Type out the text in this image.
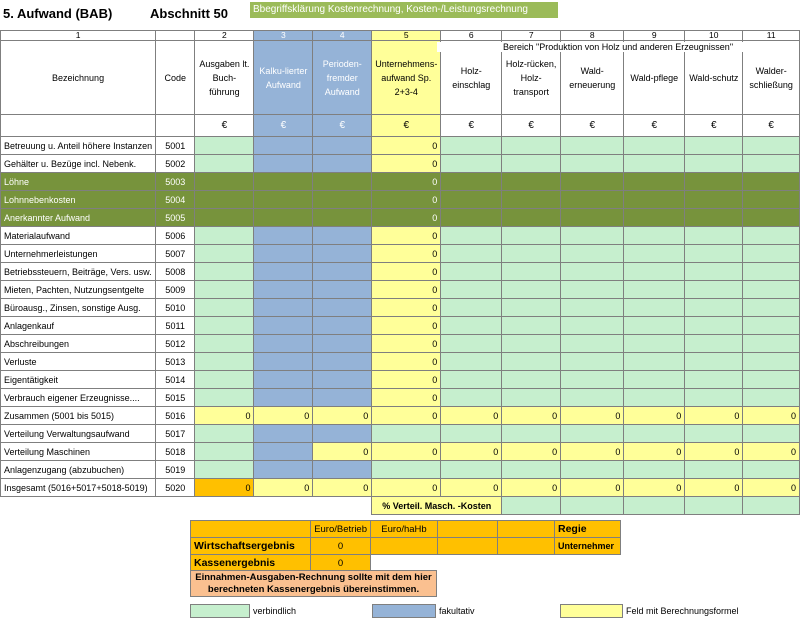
5. Aufwand (BAB)	Abschnitt 50	Bbegriffsklärung Kostenrechnung, Kosten-/Leistungsrechnung
1		2	3	4	5	6	7	8	9	10	11
Bezeichnung	Code	Ausgaben lt. Buch-führung	Kalku-lierter Aufwand	Perioden-fremder Aufwand	Unternehmens-aufwand Sp. 2+3-4	Holz-einschlag	Holz-rücken, Holz-transport	Wald-erneuerung	Wald-pflege	Wald-schutz	Walder-schließung
		€	€	€	€	€	€	€	€	€	€
Betreuung u. Anteil höhere Instanzen	5001				0						
Gehälter u. Bezüge incl. Nebenk.	5002				0						
Löhne	5003				0						
Lohnnebenkosten	5004				0						
Anerkannter Aufwand	5005				0						
Materialaufwand	5006				0						
Unternehmerleistungen	5007				0						
Betriebssteuern, Beiträge, Vers. usw.	5008				0						
Mieten, Pachten, Nutzungsentgelte	5009				0						
Büroausg., Zinsen, sonstige Ausg.	5010				0						
Anlagenkauf	5011				0						
Abschreibungen	5012				0						
Verluste	5013				0						
Eigentätigkeit	5014				0						
Verbrauch eigener Erzeugnisse....	5015				0						
Zusammen (5001 bis 5015)	5016	0	0	0	0	0	0	0	0	0	0
Verteilung Verwaltungsaufwand	5017										
Verteilung Maschinen	5018			0	0	0	0	0	0	0	0
Anlagenzugang (abzubuchen)	5019										
Insgesamt (5016+5017+5018-5019)	5020	0	0	0	0	0	0	0	0	0	0
					% Verteil. Masch. -Kosten						
	Euro/Betrieb	Euro/haHb			Regie
Wirtschaftsergebnis	0				Unternehmer
Kassenergebnis	0				
Einnahmen-Ausgaben-Rechnung sollte mit dem hier berechneten Kassenergebnis übereinstimmen.
verbindlich	fakultativ	Feld mit Berechnungsformel
Bereich "Produktion von Holz und anderen Erzeugnissen"
